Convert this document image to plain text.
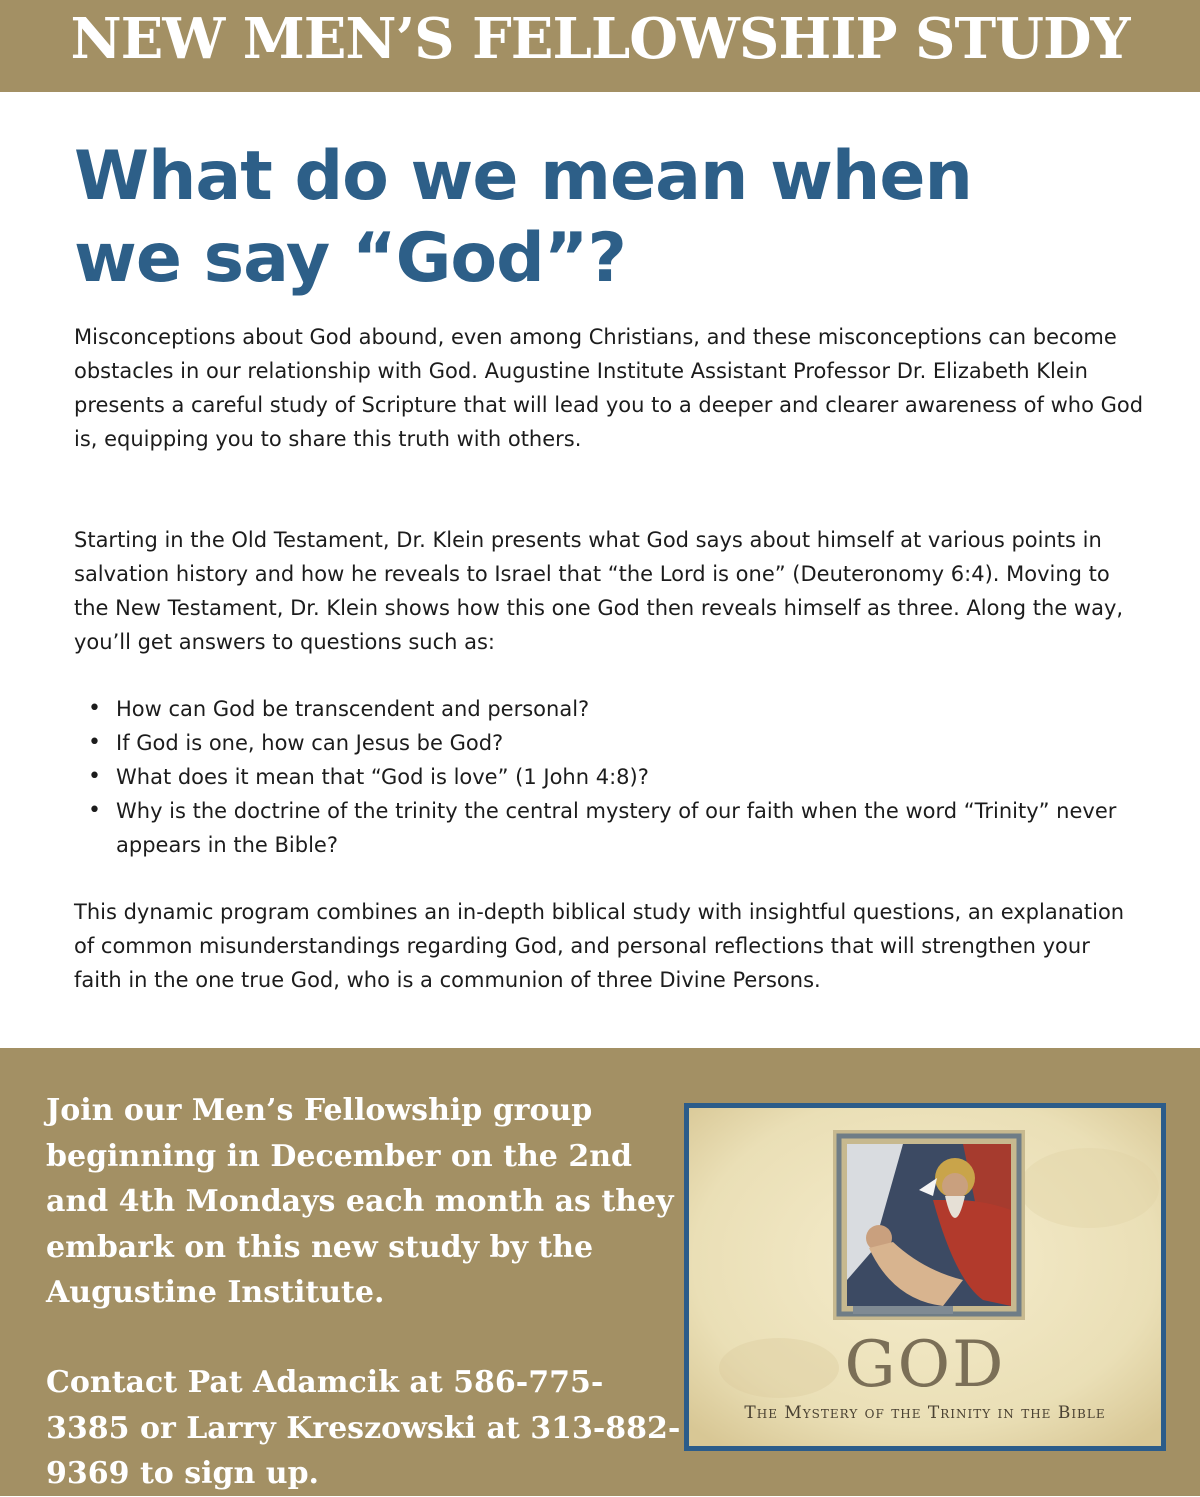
NEW MEN’S FELLOWSHIP STUDY
What do we mean when
we say “God”?

Misconceptions about God abound, even among Christians, and these misconceptions can become obstacles in our relationship with God. Augustine Institute Assistant Professor Dr. Elizabeth Klein presents a careful study of Scripture that will lead you to a deeper and clearer awareness of who God is, equipping you to share this truth with others.

Starting in the Old Testament, Dr. Klein presents what God says about himself at various points in salvation history and how he reveals to Israel that “the Lord is one” (Deuteronomy 6:4). Moving to the New Testament, Dr. Klein shows how this one God then reveals himself as three. Along the way, you’ll get answers to questions such as:

• How can God be transcendent and personal?
• If God is one, how can Jesus be God?
• What does it mean that “God is love” (1 John 4:8)?
• Why is the doctrine of the trinity the central mystery of our faith when the word “Trinity” never appears in the Bible?

This dynamic program combines an in-depth biblical study with insightful questions, an explanation of common misunderstandings regarding God, and personal reflections that will strengthen your faith in the one true God, who is a communion of three Divine Persons.

Join our Men’s Fellowship group beginning in December on the 2nd and 4th Mondays each month as they embark on this new study by the Augustine Institute.

Contact Pat Adamcik at 586-775-3385 or Larry Kreszowski at 313-882-9369 to sign up.

GOD
The Mystery of the Trinity in the Bible
